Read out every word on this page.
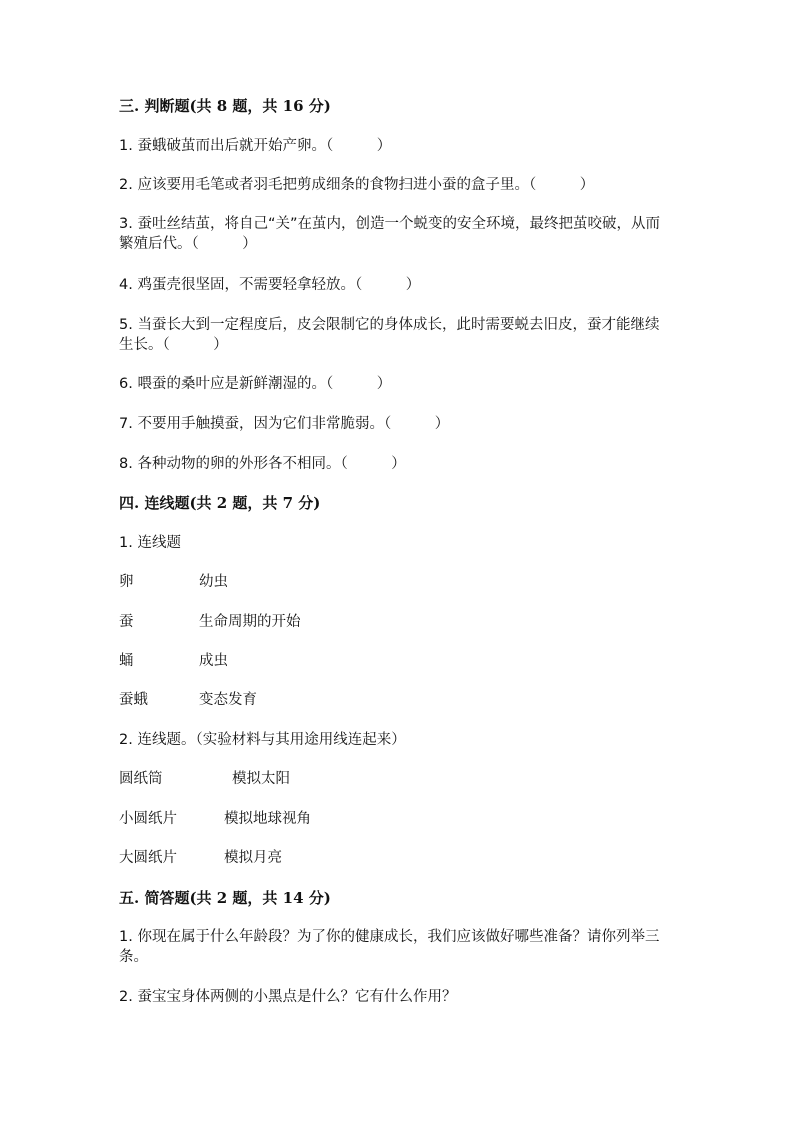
三. 判断题(共 8 题，共 16 分)
1. 蚕蛾破茧而出后就开始产卵。（　　　）
2. 应该要用毛笔或者羽毛把剪成细条的食物扫进小蚕的盒子里。（　　　）
3. 蚕吐丝结茧，将自己“关”在茧内，创造一个蜕变的安全环境，最终把茧咬破，从而繁殖后代。（　　　）
4. 鸡蛋壳很坚固，不需要轻拿轻放。（　　　）
5. 当蚕长大到一定程度后，皮会限制它的身体成长，此时需要蜕去旧皮，蚕才能继续生长。（　　　）
6. 喂蚕的桑叶应是新鲜潮湿的。（　　　）
7. 不要用手触摸蚕，因为它们非常脆弱。（　　　）
8. 各种动物的卵的外形各不相同。（　　　）
四. 连线题(共 2 题，共 7 分)
1. 连线题
卵	幼虫
蚕	生命周期的开始
蛹	成虫
蚕蛾	变态发育
2. 连线题。（实验材料与其用途用线连起来）
圆纸筒	模拟太阳
小圆纸片	模拟地球视角
大圆纸片	模拟月亮
五. 简答题(共 2 题，共 14 分)
1. 你现在属于什么年龄段？为了你的健康成长，我们应该做好哪些准备？请你列举三条。
2. 蚕宝宝身体两侧的小黑点是什么？它有什么作用？
